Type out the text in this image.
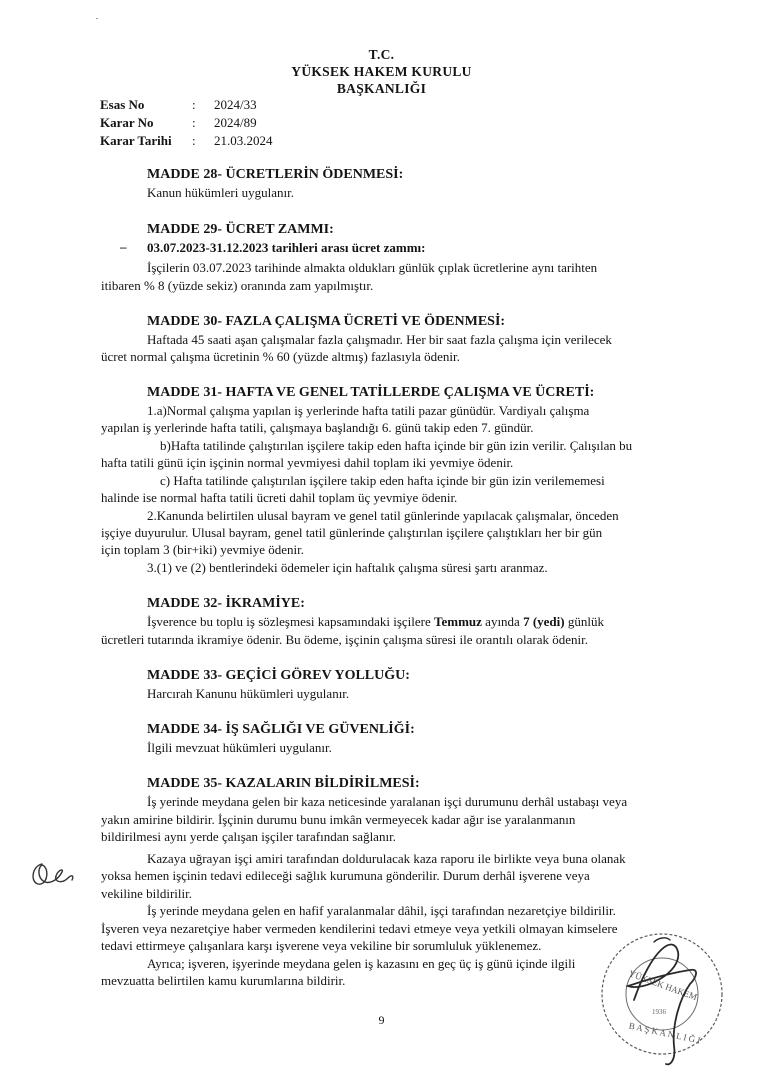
T.C.
YÜKSEK HAKEM KURULU
BAŞKANLIĞI
Esas No	: 2024/33
Karar No	: 2024/89
Karar Tarihi : 21.03.2024
MADDE 28- ÜCRETLERİN ÖDENMESİ:
Kanun hükümleri uygulanır.
MADDE 29- ÜCRET ZAMMI:
– 03.07.2023-31.12.2023 tarihleri arası ücret zammı:
İşçilerin 03.07.2023 tarihinde almakta oldukları günlük çıplak ücretlerine aynı tarihten
itibaren % 8 (yüzde sekiz) oranında zam yapılmıştır.
MADDE 30- FAZLA ÇALIŞMA ÜCRETİ VE ÖDENMESİ:
Haftada 45 saati aşan çalışmalar fazla çalışmadır. Her bir saat fazla çalışma için verilecek
ücret normal çalışma ücretinin % 60 (yüzde altmış) fazlasıyla ödenir.
MADDE 31- HAFTA VE GENEL TATİLLERDE ÇALIŞMA VE ÜCRETİ:
1.a)Normal çalışma yapılan iş yerlerinde hafta tatili pazar günüdür. Vardiyalı çalışma
yapılan iş yerlerinde hafta tatili, çalışmaya başlandığı 6. günü takip eden 7. gündür.
b)Hafta tatilinde çalıştırılan işçilere takip eden hafta içinde bir gün izin verilir. Çalışılan bu
hafta tatili günü için işçinin normal yevmiyesi dahil toplam iki yevmiye ödenir.
c) Hafta tatilinde çalıştırılan işçilere takip eden hafta içinde bir gün izin verilememesi
halinde ise normal hafta tatili ücreti dahil toplam üç yevmiye ödenir.
2.Kanunda belirtilen ulusal bayram ve genel tatil günlerinde yapılacak çalışmalar, önceden
işçiye duyurulur. Ulusal bayram, genel tatil günlerinde çalıştırılan işçilere çalıştıkları her bir gün
için toplam 3 (bir+iki) yevmiye ödenir.
3.(1) ve (2) bentlerindeki ödemeler için haftalık çalışma süresi şartı aranmaz.
MADDE 32- İKRAMİYE:
İşverence bu toplu iş sözleşmesi kapsamındaki işçilere Temmuz ayında 7 (yedi) günlük
ücretleri tutarında ikramiye ödenir. Bu ödeme, işçinin çalışma süresi ile orantılı olarak ödenir.
MADDE 33- GEÇİCİ GÖREV YOLLUĞU:
Harcırah Kanunu hükümleri uygulanır.
MADDE 34- İŞ SAĞLIĞI VE GÜVENLİĞİ:
İlgili mevzuat hükümleri uygulanır.
MADDE 35- KAZALARIN BİLDİRİLMESİ:
İş yerinde meydana gelen bir kaza neticesinde yaralanan işçi durumunu derhâl ustabaşı veya
yakın amirine bildirir. İşçinin durumu bunu imkân vermeyecek kadar ağır ise yaralanmanın
bildirilmesi aynı yerde çalışan işçiler tarafından sağlanır.
Kazaya uğrayan işçi amiri tarafından doldurulacak kaza raporu ile birlikte veya buna olanak
yoksa hemen işçinin tedavi edileceği sağlık kurumuna gönderilir. Durum derhâl işverene veya
vekiline bildirilir.
İş yerinde meydana gelen en hafif yaralanmalar dâhil, işçi tarafından nezaretçiye bildirilir.
İşveren veya nezaretçiye haber vermeden kendilerini tedavi etmeye veya yetkili olmayan kimselere
tedavi ettirmeye çalışanlara karşı işverene veya vekiline bir sorumluluk yüklenemez.
Ayrıca; işveren, işyerinde meydana gelen iş kazasını en geç üç iş günü içinde ilgili
mevzuatta belirtilen kamu kurumlarına bildirir.
9
YÜKSEK HAKEM
B A Ş K A N L I Ğ I
1936
